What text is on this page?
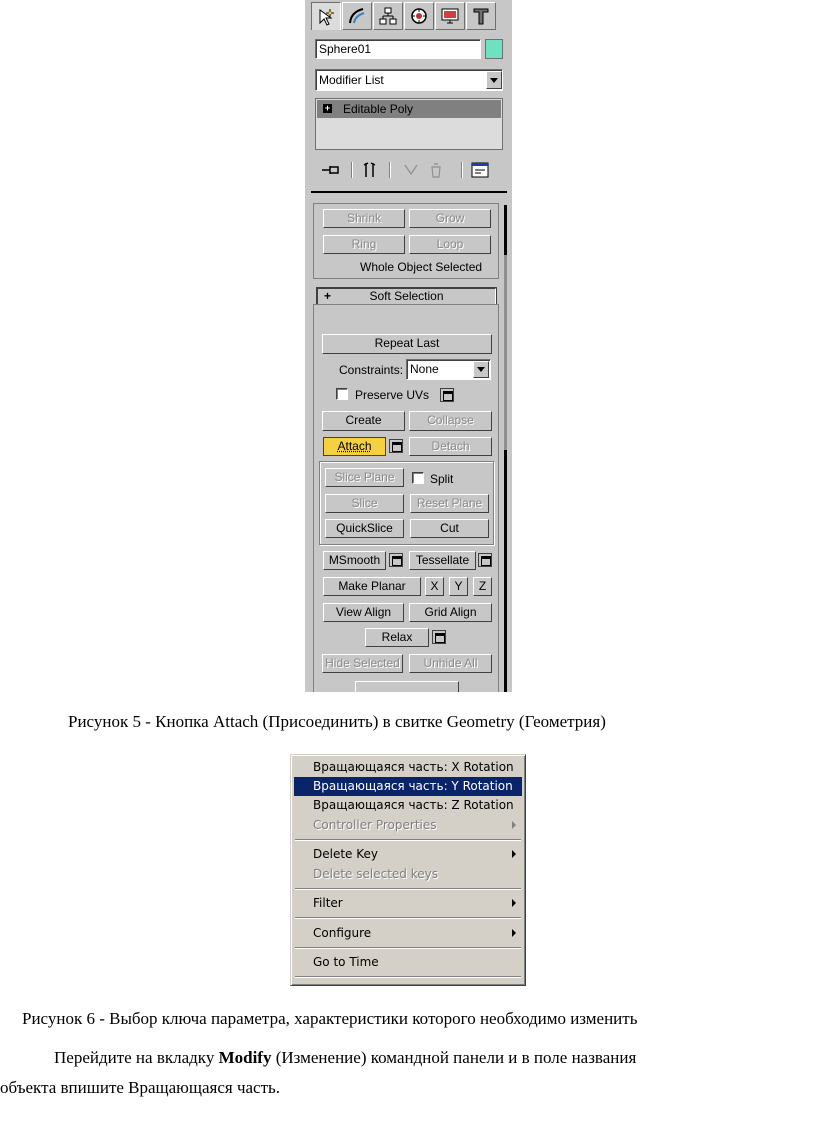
Sphere01
Modifier List
+ Editable Poly
Shrink	Grow
Ring	Loop
Whole Object Selected
+	Soft Selection
Repeat Last
Constraints: None
Preserve UVs
Create	Collapse
Attach	Detach
Slice Plane	Split
Slice	Reset Plane
QuickSlice	Cut
MSmooth	Tessellate
Make Planar	X	Y	Z
View Align	Grid Align
Relax
Hide Selected	Unhide All
Рисунок 5 - Кнопка Attach (Присоединить) в свитке Geometry (Геометрия)
Вращающаяся часть: X Rotation
Вращающаяся часть: Y Rotation
Вращающаяся часть: Z Rotation
Controller Properties
Delete Key
Delete selected keys
Filter
Configure
Go to Time
Рисунок 6 - Выбор ключа параметра, характеристики которого необходимо изменить
Перейдите на вкладку Modify (Изменение) командной панели и в поле названия
объекта впишите Вращающаяся часть.
